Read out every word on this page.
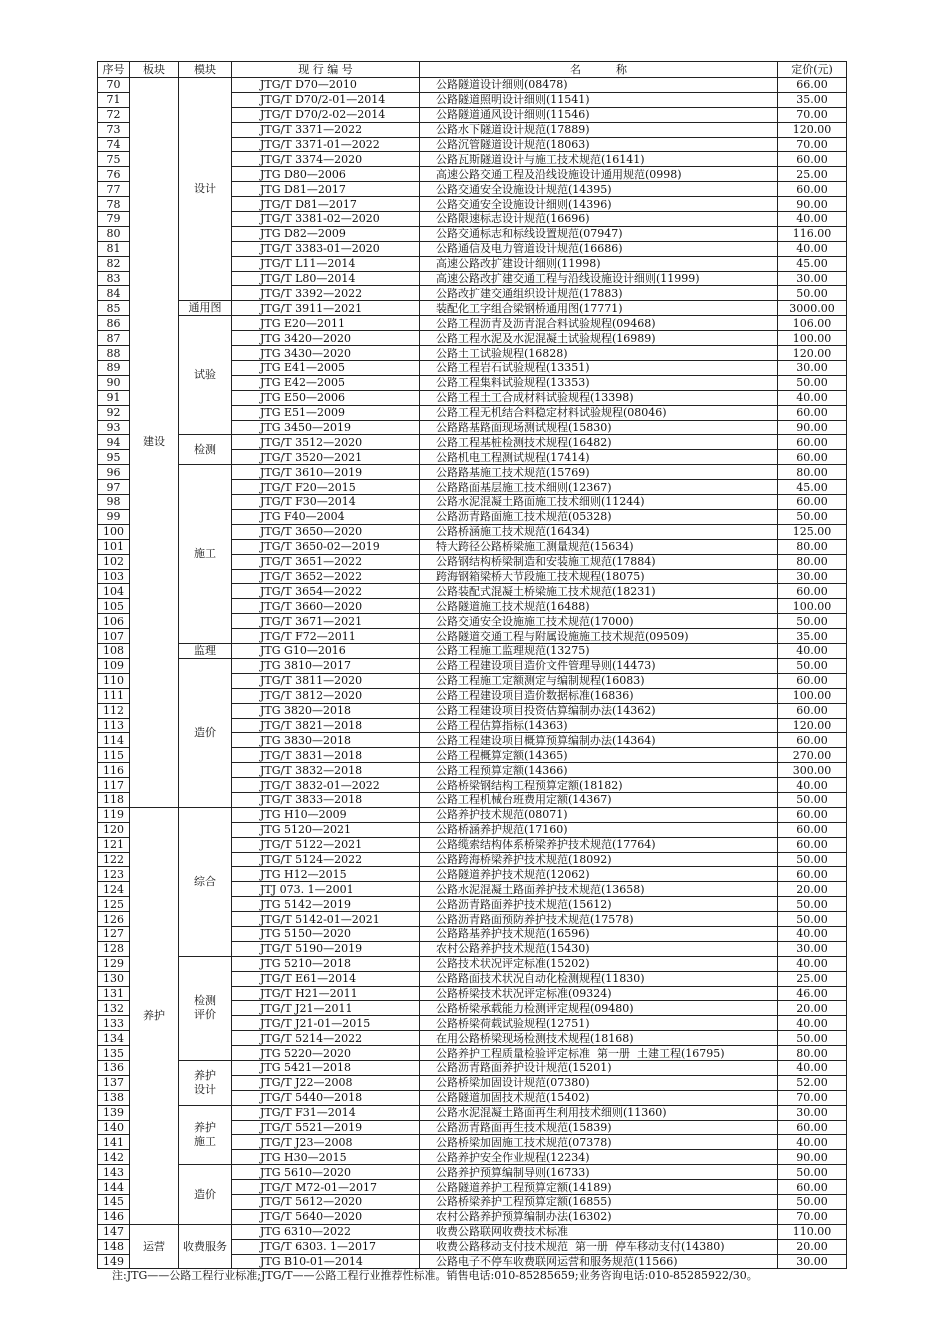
序号	板块	模块	现 行 编 号	名          称	定价(元)
70	建设	设计	JTG/T D70—2010	公路隧道设计细则(08478)	66.00
71			JTG/T D70/2-01—2014	公路隧道照明设计细则(11541)	35.00
72			JTG/T D70/2-02—2014	公路隧道通风设计细则(11546)	70.00
73			JTG/T 3371—2022	公路水下隧道设计规范(17889)	120.00
74			JTG/T 3371-01—2022	公路沉管隧道设计规范(18063)	70.00
75			JTG/T 3374—2020	公路瓦斯隧道设计与施工技术规范(16141)	60.00
76			JTG D80—2006	高速公路交通工程及沿线设施设计通用规范(0998)	25.00
77			JTG D81—2017	公路交通安全设施设计规范(14395)	60.00
78			JTG/T D81—2017	公路交通安全设施设计细则(14396)	90.00
79			JTG/T 3381-02—2020	公路限速标志设计规范(16696)	40.00
80			JTG D82—2009	公路交通标志和标线设置规范(07947)	116.00
81			JTG/T 3383-01—2020	公路通信及电力管道设计规范(16686)	40.00
82			JTG/T L11—2014	高速公路改扩建设计细则(11998)	45.00
83			JTG/T L80—2014	高速公路改扩建交通工程与沿线设施设计细则(11999)	30.00
84			JTG/T 3392—2022	公路改扩建交通组织设计规范(17883)	50.00
85		通用图	JTG/T 3911—2021	装配化工字组合梁钢桥通用图(17771)	3000.00
86		试验	JTG E20—2011	公路工程沥青及沥青混合料试验规程(09468)	106.00
87			JTG 3420—2020	公路工程水泥及水泥混凝土试验规程(16989)	100.00
88			JTG 3430—2020	公路土工试验规程(16828)	120.00
89			JTG E41—2005	公路工程岩石试验规程(13351)	30.00
90			JTG E42—2005	公路工程集料试验规程(13353)	50.00
91			JTG E50—2006	公路工程土工合成材料试验规程(13398)	40.00
92			JTG E51—2009	公路工程无机结合料稳定材料试验规程(08046)	60.00
93			JTG 3450—2019	公路路基路面现场测试规程(15830)	90.00
94		检测	JTG/T 3512—2020	公路工程基桩检测技术规程(16482)	60.00
95			JTG/T 3520—2021	公路机电工程测试规程(17414)	60.00
96		施工	JTG/T 3610—2019	公路路基施工技术规范(15769)	80.00
97			JTG/T F20—2015	公路路面基层施工技术细则(12367)	45.00
98			JTG/T F30—2014	公路水泥混凝土路面施工技术细则(11244)	60.00
99			JTG F40—2004	公路沥青路面施工技术规范(05328)	50.00
100			JTG/T 3650—2020	公路桥涵施工技术规范(16434)	125.00
101			JTG/T 3650-02—2019	特大跨径公路桥梁施工测量规范(15634)	80.00
102			JTG/T 3651—2022	公路钢结构桥梁制造和安装施工规范(17884)	80.00
103			JTG/T 3652—2022	跨海钢箱梁桥大节段施工技术规程(18075)	30.00
104			JTG/T 3654—2022	公路装配式混凝土桥梁施工技术规范(18231)	60.00
105			JTG/T 3660—2020	公路隧道施工技术规范(16488)	100.00
106			JTG/T 3671—2021	公路交通安全设施施工技术规范(17000)	50.00
107			JTG/T F72—2011	公路隧道交通工程与附属设施施工技术规范(09509)	35.00
108		监理	JTG G10—2016	公路工程施工监理规范(13275)	40.00
109		造价	JTG 3810—2017	公路工程建设项目造价文件管理导则(14473)	50.00
110			JTG/T 3811—2020	公路工程施工定额测定与编制规程(16083)	60.00
111			JTG/T 3812—2020	公路工程建设项目造价数据标准(16836)	100.00
112			JTG 3820—2018	公路工程建设项目投资估算编制办法(14362)	60.00
113			JTG/T 3821—2018	公路工程估算指标(14363)	120.00
114			JTG 3830—2018	公路工程建设项目概算预算编制办法(14364)	60.00
115			JTG/T 3831—2018	公路工程概算定额(14365)	270.00
116			JTG/T 3832—2018	公路工程预算定额(14366)	300.00
117			JTG/T 3832-01—2022	公路桥梁钢结构工程预算定额(18182)	40.00
118			JTG/T 3833—2018	公路工程机械台班费用定额(14367)	50.00
119	养护	综合	JTG H10—2009	公路养护技术规范(08071)	60.00
120			JTG 5120—2021	公路桥涵养护规范(17160)	60.00
121			JTG/T 5122—2021	公路缆索结构体系桥梁养护技术规范(17764)	60.00
122			JTG/T 5124—2022	公路跨海桥梁养护技术规范(18092)	50.00
123			JTG H12—2015	公路隧道养护技术规范(12062)	60.00
124			JTJ 073. 1—2001	公路水泥混凝土路面养护技术规范(13658)	20.00
125			JTG 5142—2019	公路沥青路面养护技术规范(15612)	50.00
126			JTG/T 5142-01—2021	公路沥青路面预防养护技术规范(17578)	50.00
127			JTG 5150—2020	公路路基养护技术规范(16596)	40.00
128			JTG/T 5190—2019	农村公路养护技术规范(15430)	30.00
129		检测评价	JTG 5210—2018	公路技术状况评定标准(15202)	40.00
130			JTG/T E61—2014	公路路面技术状况自动化检测规程(11830)	25.00
131			JTG/T H21—2011	公路桥梁技术状况评定标准(09324)	46.00
132			JTG/T J21—2011	公路桥梁承载能力检测评定规程(09480)	20.00
133			JTG/T J21-01—2015	公路桥梁荷载试验规程(12751)	40.00
134			JTG/T 5214—2022	在用公路桥梁现场检测技术规程(18168)	50.00
135			JTG 5220—2020	公路养护工程质量检验评定标准  第一册  土建工程(16795)	80.00
136		养护设计	JTG 5421—2018	公路沥青路面养护设计规范(15201)	40.00
137			JTG/T J22—2008	公路桥梁加固设计规范(07380)	52.00
138			JTG/T 5440—2018	公路隧道加固技术规范(15402)	70.00
139		养护施工	JTG/T F31—2014	公路水泥混凝土路面再生利用技术细则(11360)	30.00
140			JTG/T 5521—2019	公路沥青路面再生技术规范(15839)	60.00
141			JTG/T J23—2008	公路桥梁加固施工技术规范(07378)	40.00
142			JTG H30—2015	公路养护安全作业规程(12234)	90.00
143		造价	JTG 5610—2020	公路养护预算编制导则(16733)	50.00
144			JTG/T M72-01—2017	公路隧道养护工程预算定额(14189)	60.00
145			JTG/T 5612—2020	公路桥梁养护工程预算定额(16855)	50.00
146			JTG/T 5640—2020	农村公路养护预算编制办法(16302)	70.00
147	运营	收费服务	JTG 6310—2022	收费公路联网收费技术标准	110.00
148			JTG/T 6303. 1—2017	收费公路移动支付技术规范  第一册  停车移动支付(14380)	20.00
149			JTG B10-01—2014	公路电子不停车收费联网运营和服务规范(11566)	30.00
注:JTG——公路工程行业标准;JTG/T——公路工程行业推荐性标准。销售电话:010-85285659;业务咨询电话:010-85285922/30。
